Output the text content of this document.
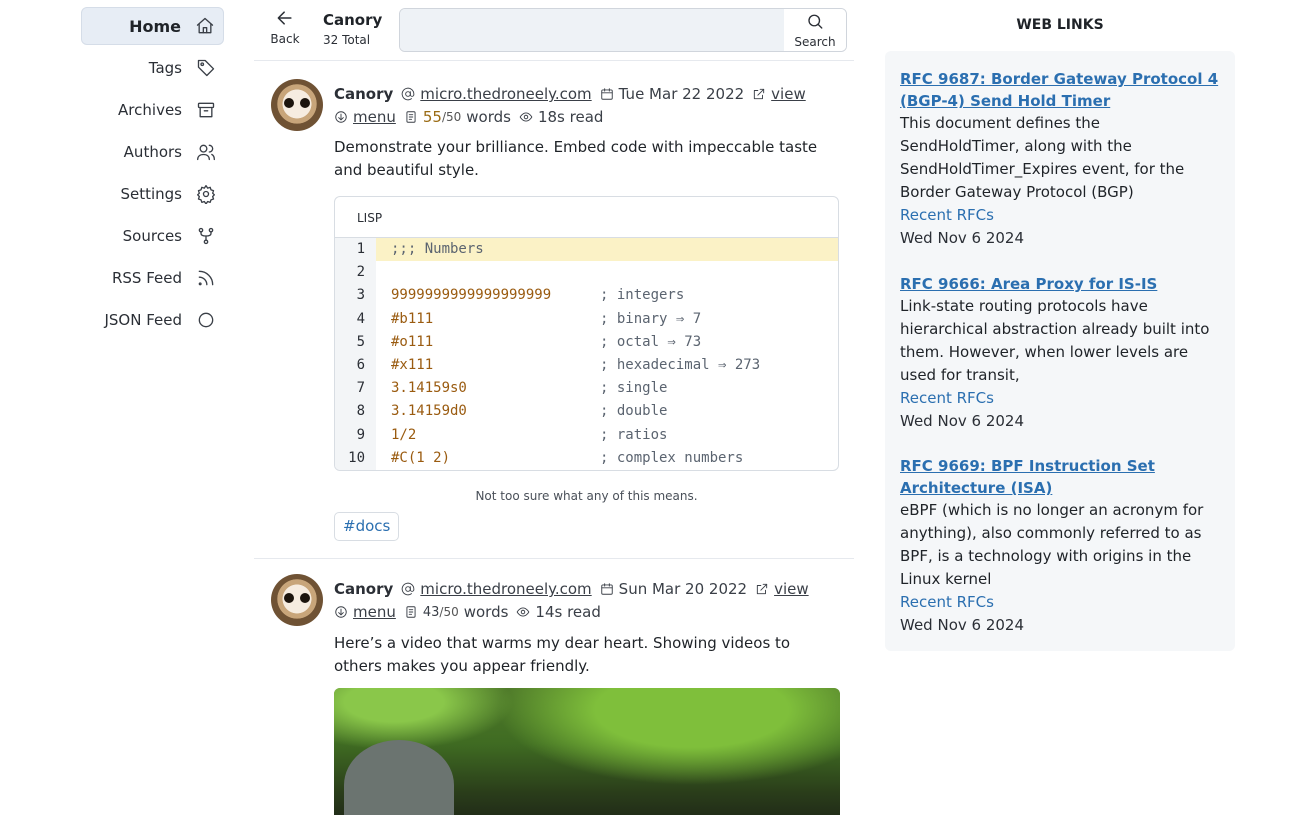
Home
Tags
Archives
Authors
Settings
Sources
RSS Feed
JSON Feed
Back
Canory
32 Total	Search
Canory micro.thedroneely.com Tue Mar 22 2022 view
menu 55 /50 words 18s read
Demonstrate your brilliance. Embed code with impeccable taste and beautiful style.
LISP
1	;;; Numbers
2
3	9999999999999999999	; integers
4	#b111	; binary ⇒ 7
5	#o111	; octal ⇒ 73
6	#x111	; hexadecimal ⇒ 273
7	3.14159s0	; single
8	3.14159d0	; double
9	1/2	; ratios
10	#C(1 2)	; complex numbers
Not too sure what any of this means.
#docs
Canory micro.thedroneely.com Sun Mar 20 2022 view
menu 43 /50 words 14s read
Here’s a video that warms my dear heart. Showing videos to others makes you appear friendly.
WEB LINKS
RFC 9687: Border Gateway Protocol 4 (BGP-4) Send Hold Timer
This document defines the SendHoldTimer, along with the SendHoldTimer_Expires event, for the Border Gateway Protocol (BGP)
Recent RFCs
Wed Nov 6 2024
RFC 9666: Area Proxy for IS-IS
Link-state routing protocols have hierarchical abstraction already built into them. However, when lower levels are used for transit,
Recent RFCs
Wed Nov 6 2024
RFC 9669: BPF Instruction Set Architecture (ISA)
eBPF (which is no longer an acronym for anything), also commonly referred to as BPF, is a technology with origins in the Linux kernel
Recent RFCs
Wed Nov 6 2024
